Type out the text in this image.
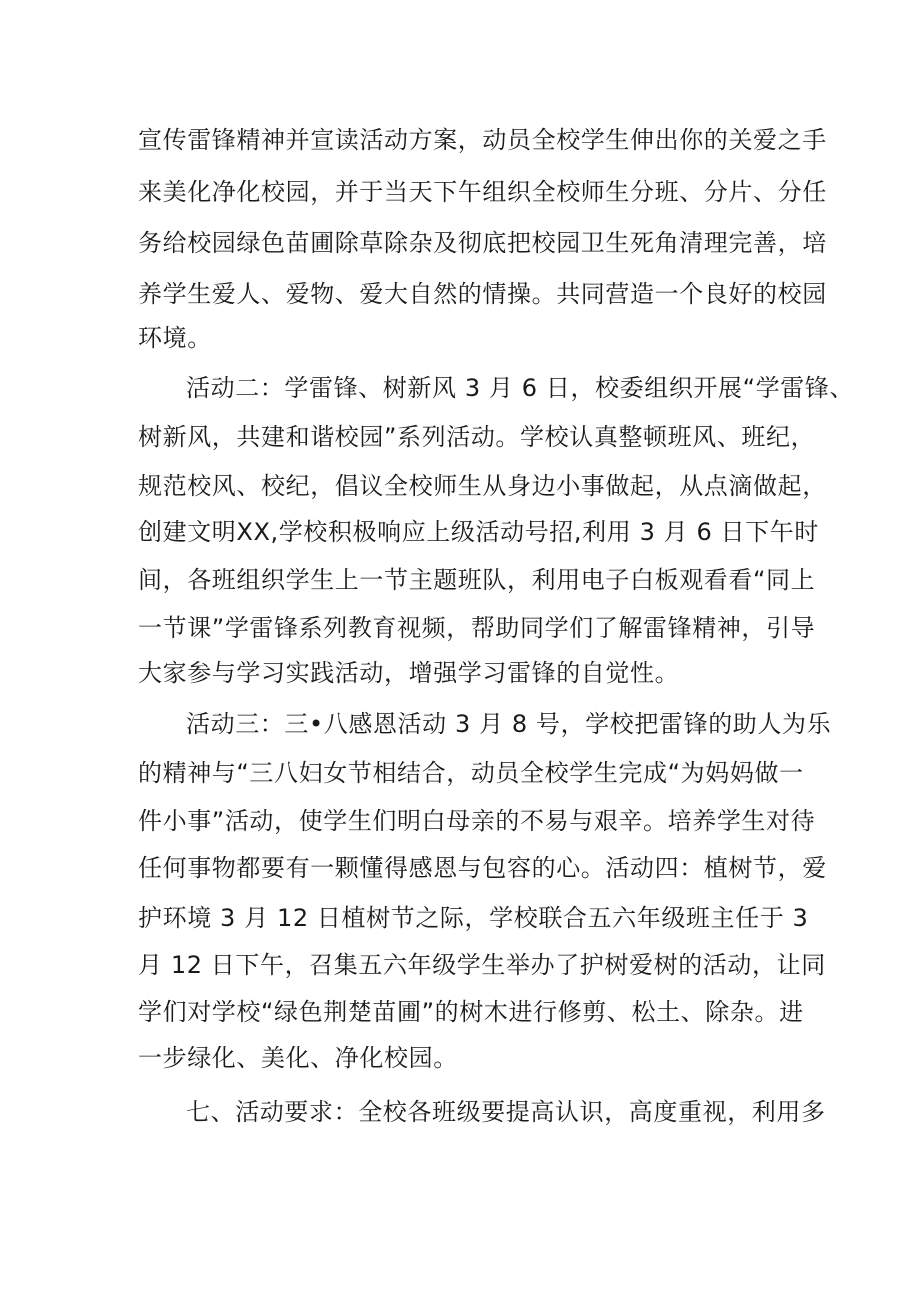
宣传雷锋精神并宣读活动方案，动员全校学生伸出你的关爱之手
来美化净化校园，并于当天下午组织全校师生分班、分片、分任
务给校园绿色苗圃除草除杂及彻底把校园卫生死角清理完善，培
养学生爱人、爱物、爱大自然的情操。共同营造一个良好的校园
环境。
活动二：学雷锋、树新风 3 月 6 日，校委组织开展“学雷锋、
树新风，共建和谐校园”系列活动。学校认真整顿班风、班纪，
规范校风、校纪，倡议全校师生从身边小事做起，从点滴做起，
创建文明XX,学校积极响应上级活动号招,利用 3 月 6 日下午时
间，各班组织学生上一节主题班队，利用电子白板观看看“同上
一节课”学雷锋系列教育视频，帮助同学们了解雷锋精神，引导
大家参与学习实践活动，增强学习雷锋的自觉性。
活动三：三•八感恩活动 3 月 8 号，学校把雷锋的助人为乐
的精神与“三八妇女节相结合，动员全校学生完成“为妈妈做一
件小事”活动，使学生们明白母亲的不易与艰辛。培养学生对待
任何事物都要有一颗懂得感恩与包容的心。活动四：植树节，爱
护环境 3 月 12 日植树节之际，学校联合五六年级班主任于 3
月 12 日下午，召集五六年级学生举办了护树爱树的活动，让同
学们对学校“绿色荆楚苗圃”的树木进行修剪、松土、除杂。进
一步绿化、美化、净化校园。
七、活动要求：全校各班级要提高认识，高度重视，利用多
